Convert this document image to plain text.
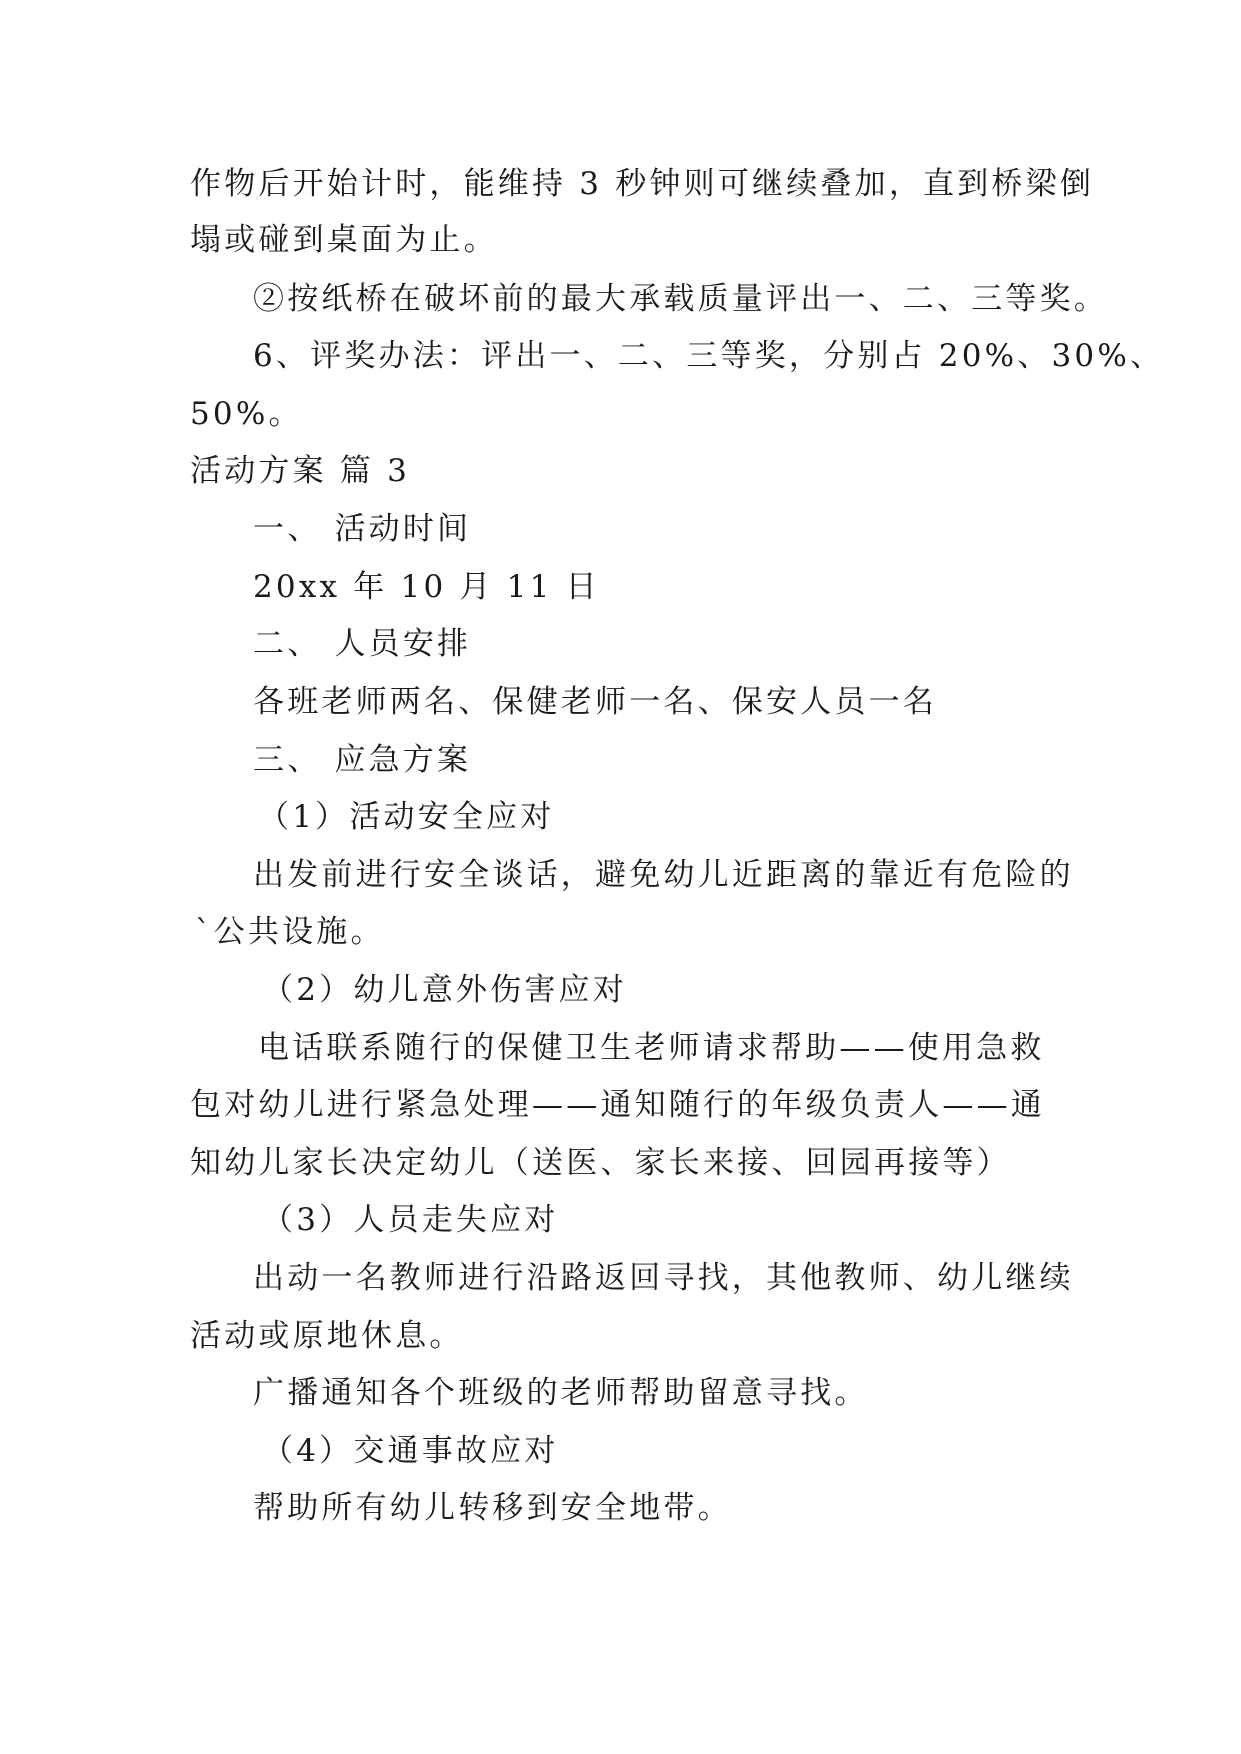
作物后开始计时，能维持 3 秒钟则可继续叠加，直到桥梁倒
塌或碰到桌面为止。
②按纸桥在破坏前的最大承载质量评出一、二、三等奖。
6、评奖办法：评出一、二、三等奖，分别占 20%、30%、
50%。
活动方案 篇 3
一、 活动时间
20xx 年 10 月 11 日
二、 人员安排
各班老师两名、保健老师一名、保安人员一名
三、 应急方案
（1）活动安全应对
出发前进行安全谈话，避免幼儿近距离的靠近有危险的
`公共设施。
（2）幼儿意外伤害应对
电话联系随行的保健卫生老师请求帮助——使用急救
包对幼儿进行紧急处理——通知随行的年级负责人——通
知幼儿家长决定幼儿（送医、家长来接、回园再接等）
（3）人员走失应对
出动一名教师进行沿路返回寻找，其他教师、幼儿继续
活动或原地休息。
广播通知各个班级的老师帮助留意寻找。
（4）交通事故应对
帮助所有幼儿转移到安全地带。
